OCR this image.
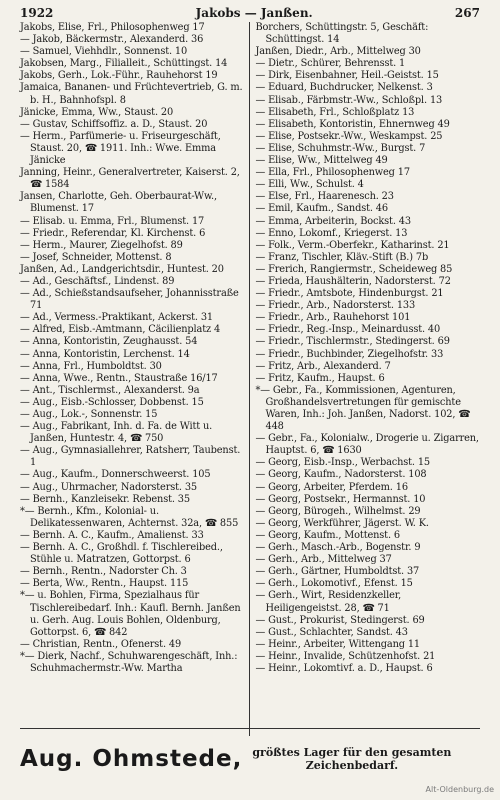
1922	Jakobs — Janßen.	267
Jakobs, Elise, Frl., Philosophenweg 17
— Jakob, Bäckermstr., Alexanderd. 36
— Samuel, Viehhdlr., Sonnenst. 10
Jakobsen, Marg., Filialleit., Schüttingst. 14
Jakobs, Gerh., Lok.-Führ., Rauhehorst 19
Jamaica, Bananen- und Früchtevertrieb, G. m. b. H., Bahnhofspl. 8
Jänicke, Emma, Ww., Staust. 20
— Gustav, Schiffsoffiz. a. D., Staust. 20
— Herm., Parfümerie- u. Friseurgeschäft, Staust. 20, ☎ 1911. Inh.: Wwe. Emma Jänicke
Janning, Heinr., Generalvertreter, Kaiserst. 2, ☎ 1584
Jansen, Charlotte, Geh. Oberbaurat-Ww., Blumenst. 17
— Elisab. u. Emma, Frl., Blumenst. 17
— Friedr., Referendar, Kl. Kirchenst. 6
— Herm., Maurer, Ziegelhofst. 89
— Josef, Schneider, Mottenst. 8
Janßen, Ad., Landgerichtsdir., Huntest. 20
— Ad., Geschäftsf., Lindenst. 89
— Ad., Schießstandsaufseher, Johannisstraße 71
— Ad., Vermess.-Praktikant, Ackerst. 31
— Alfred, Eisb.-Amtmann, Cäcilienplatz 4
— Anna, Kontoristin, Zeughausst. 54
— Anna, Kontoristin, Lerchenst. 14
— Anna, Frl., Humboldtst. 30
— Anna, Wwe., Rentn., Staustraße 16/17
— Ant., Tischlermst., Alexanderst. 9a
— Aug., Eisb.-Schlosser, Dobbenst. 15
— Aug., Lok.-, Sonnenstr. 15
— Aug., Fabrikant, Inh. d. Fa. de Witt u. Janßen, Huntestr. 4, ☎ 750
— Aug., Gymnasiallehrer, Ratsherr, Taubenst. 1
— Aug., Kaufm., Donnerschweerst. 105
— Aug., Uhrmacher, Nadorsterst. 35
— Bernh., Kanzleisekr. Rebenst. 35
*— Bernh., Kfm., Kolonial- u. Delikatessenwaren, Achternst. 32a, ☎ 855
— Bernh. A. C., Kaufm., Amalienst. 33
— Bernh. A. C., Großhdl. f. Tischlereibed., Stühle u. Matratzen, Gottorpst. 6
— Bernh., Rentn., Nadorster Ch. 3
— Berta, Ww., Rentn., Haupst. 115
*— u. Bohlen, Firma, Spezialhaus für Tischlereibedarf. Inh.: Kaufl. Bernh. Janßen u. Gerh. Aug. Louis Bohlen, Oldenburg, Gottorpst. 6, ☎ 842
— Christian, Rentn., Ofenerst. 49
*— Dierk, Nachf., Schuhwarengeschäft, Inh.: Schuhmachermstr.-Ww. Martha
Borchers, Schüttingstr. 5, Geschäft: Schüttingst. 14
Janßen, Diedr., Arb., Mittelweg 30
— Dietr., Schürer, Behrensst. 1
— Dirk, Eisenbahner, Heil.-Geistst. 15
— Eduard, Buchdrucker, Nelkenst. 3
— Elisab., Färbmstr.-Ww., Schloßpl. 13
— Elisabeth, Frl., Schloßplatz 13
— Elisabeth, Kontoristin, Ehnernweg 49
— Elise, Postsekr.-Ww., Weskampst. 25
— Elise, Schuhmstr.-Ww., Burgst. 7
— Elise, Ww., Mittelweg 49
— Ella, Frl., Philosophenweg 17
— Elli, Ww., Schulst. 4
— Else, Frl., Haarenesch. 23
— Emil, Kaufm., Sandst. 46
— Emma, Arbeiterin, Bockst. 43
— Enno, Lokomf., Kriegerst. 13
— Folk., Verm.-Oberfekr., Katharinst. 21
— Franz, Tischler, Kläv.-Stift (B.) 7b
— Frerich, Rangiermstr., Scheideweg 85
— Frieda, Haushälterin, Nadorsterst. 72
— Friedr., Amtsbote, Hindenburgst. 21
— Friedr., Arb., Nadorsterst. 133
— Friedr., Arb., Rauhehorst 101
— Friedr., Reg.-Insp., Meinardusst. 40
— Friedr., Tischlermstr., Stedingerst. 69
— Friedr., Buchbinder, Ziegelhofstr. 33
— Fritz, Arb., Alexanderd. 7
— Fritz, Kaufm., Haupst. 6
*— Gebr., Fa., Kommissionen, Agenturen, Großhandelsvertretungen für gemischte Waren, Inh.: Joh. Janßen, Nadorst. 102, ☎ 448
— Gebr., Fa., Kolonialw., Drogerie u. Zigarren, Hauptst. 6, ☎ 1630
— Georg, Eisb.-Insp., Werbachst. 15
— Georg, Kaufm., Nadorsterst. 108
— Georg, Arbeiter, Pferdem. 16
— Georg, Postsekr., Hermannst. 10
— Georg, Bürogeh., Wilhelmst. 29
— Georg, Werkführer, Jägerst. W. K.
— Georg, Kaufm., Mottenst. 6
— Gerh., Masch.-Arb., Bogenstr. 9
— Gerh., Arb., Mittelweg 37
— Gerh., Gärtner, Humboldtst. 37
— Gerh., Lokomotivf., Efenst. 15
— Gerh., Wirt, Residenzkeller, Heiligengeistst. 28, ☎ 71
— Gust., Prokurist, Stedingerst. 69
— Gust., Schlachter, Sandst. 43
— Heinr., Arbeiter, Wittengang 11
— Heinr., Invalide, Schützenhofst. 21
— Heinr., Lokomtivf. a. D., Haupst. 6
Aug. Ohmstede, größtes Lager für den gesamten
Zeichenbedarf.
Alt-Oldenburg.de
